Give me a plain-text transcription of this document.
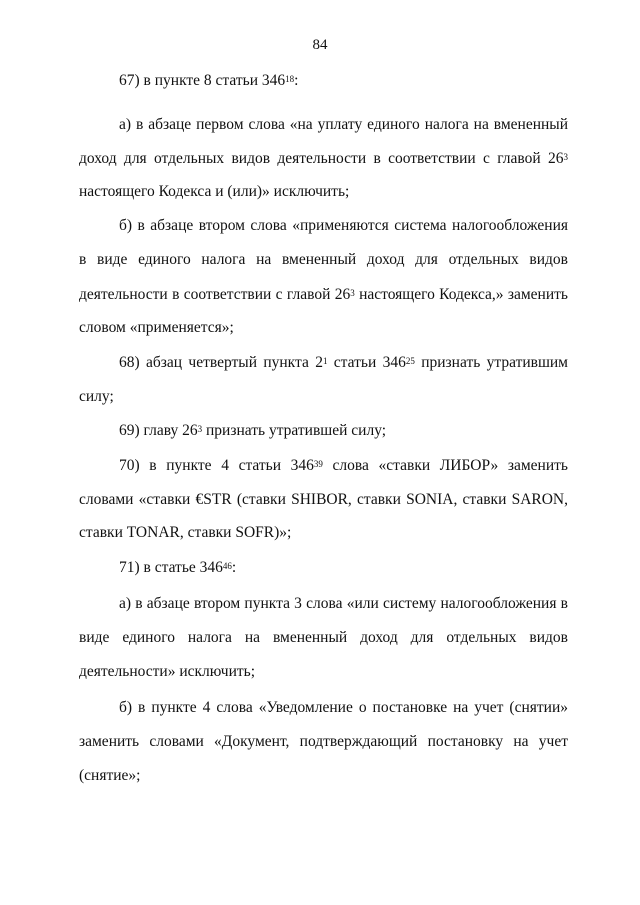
84
67) в пункте 8 статьи $346^{18}$:
а) в абзаце первом слова «на уплату единого налога на вмененный
доход для отдельных видов деятельности в соответствии с главой $26^3$
настоящего Кодекса и (или)» исключить;
б) в абзаце втором слова «применяются система налогообложения
в виде единого налога на вмененный доход для отдельных видов
деятельности в соответствии с главой $26^3$ настоящего Кодекса,» заменить
словом «применяется»;
68) абзац четвертый пункта $2^1$ статьи $346^{25}$ признать утратившим
силу;
69) главу $26^3$ признать утратившей силу;
70) в пункте 4 статьи $346^{39}$ слова «ставки ЛИБОР» заменить
словами «ставки €STR (ставки SHIBOR, ставки SONIA, ставки SARON,
ставки TONAR, ставки SOFR)»;
71) в статье $346^{46}$:
а) в абзаце втором пункта 3 слова «или систему налогообложения в
виде единого налога на вмененный доход для отдельных видов
деятельности» исключить;
б) в пункте 4 слова «Уведомление о постановке на учет (снятии»
заменить словами «Документ, подтверждающий постановку на учет
(снятие»;
